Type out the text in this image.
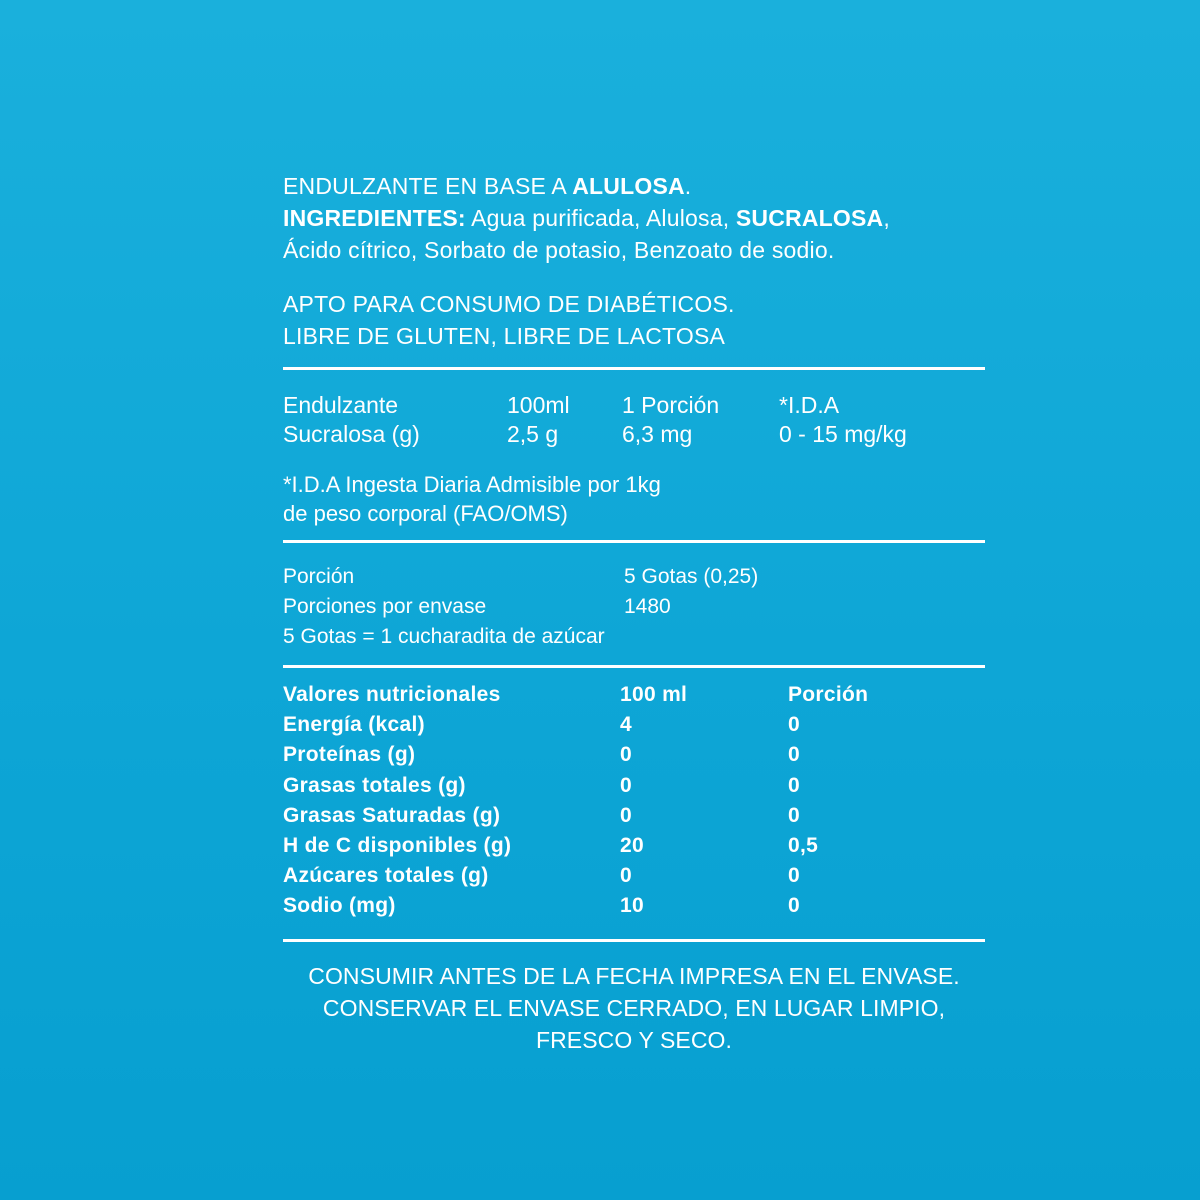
ENDULZANTE EN BASE A ALULOSA.

INGREDIENTES: Agua purificada, Alulosa, SUCRALOSA,

Ácido cítrico, Sorbato de potasio, Benzoato de sodio.

APTO PARA CONSUMO DE DIABÉTICOS.

LIBRE DE GLUTEN, LIBRE DE LACTOSA

Endulzante	100ml	1 Porción	*I.D.A
Sucralosa (g)	2,5 g	6,3 mg	0 - 15 mg/kg

*I.D.A Ingesta Diaria Admisible por 1kg

de peso corporal (FAO/OMS)

Porción	5 Gotas (0,25)
Porciones por envase	1480
5 Gotas = 1 cucharadita de azúcar
Valores nutricionales	100 ml	Porción
Energía (kcal)	4	0
Proteínas (g)	0	0
Grasas totales (g)	0	0
Grasas Saturadas (g)	0	0
H de C disponibles (g)	20	0,5
Azúcares totales (g)	0	0
Sodio (mg)	10	0

CONSUMIR ANTES DE LA FECHA IMPRESA EN EL ENVASE.

CONSERVAR EL ENVASE CERRADO, EN LUGAR LIMPIO,

FRESCO Y SECO.
